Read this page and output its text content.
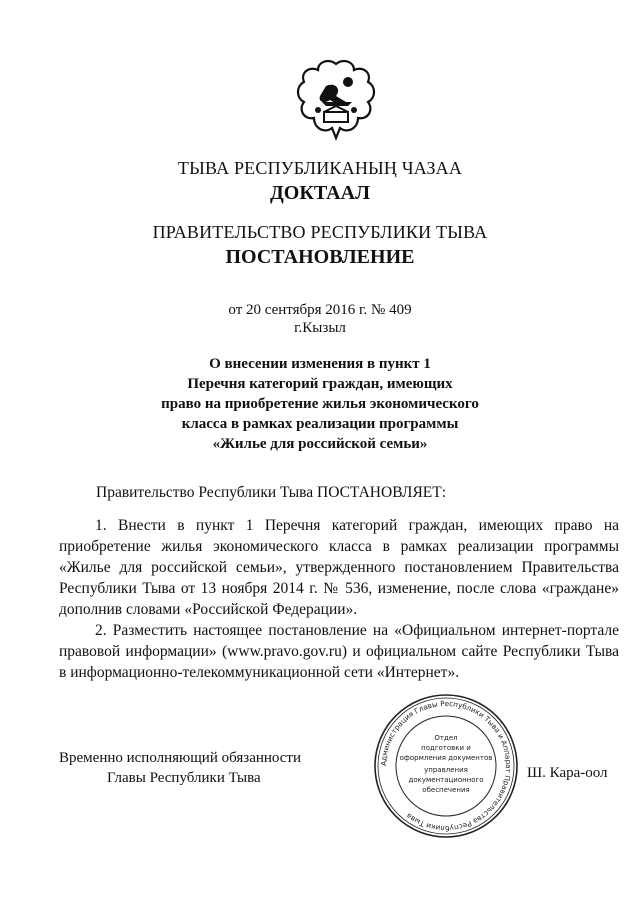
ТЫВА РЕСПУБЛИКАНЫҢ ЧАЗАА
ДОКТААЛ
ПРАВИТЕЛЬСТВО РЕСПУБЛИКИ ТЫВА
ПОСТАНОВЛЕНИЕ
от 20 сентября 2016 г. № 409
г.Кызыл
О внесении изменения в пункт 1
Перечня категорий граждан, имеющих
право на приобретение жилья экономического
класса в рамках реализации программы
«Жилье для российской семьи»
Правительство Республики Тыва ПОСТАНОВЛЯЕТ:

1. Внести в пункт 1 Перечня категорий граждан, имеющих право на приобретение жилья экономического класса в рамках реализации программы «Жилье для российской семьи», утвержденного постановлением Правительства Республики Тыва от 13 ноября 2014 г. № 536, изменение, после слова «граждане» дополнив словами «Российской Федерации».

2. Разместить настоящее постановление на «Официальном интернет-портале правовой информации» (www.pravo.gov.ru) и официальном сайте Республики Тыва в информационно-телекоммуникационной сети «Интернет».

Временно исполняющий обязанности
Главы Республики Тыва
Администрация Главы Республики Тыва и Аппарат Правительства Республики Тыва
Отдел
подготовки и
оформления документов
управления
документационного
обеспечения
Ш. Кара-оол
